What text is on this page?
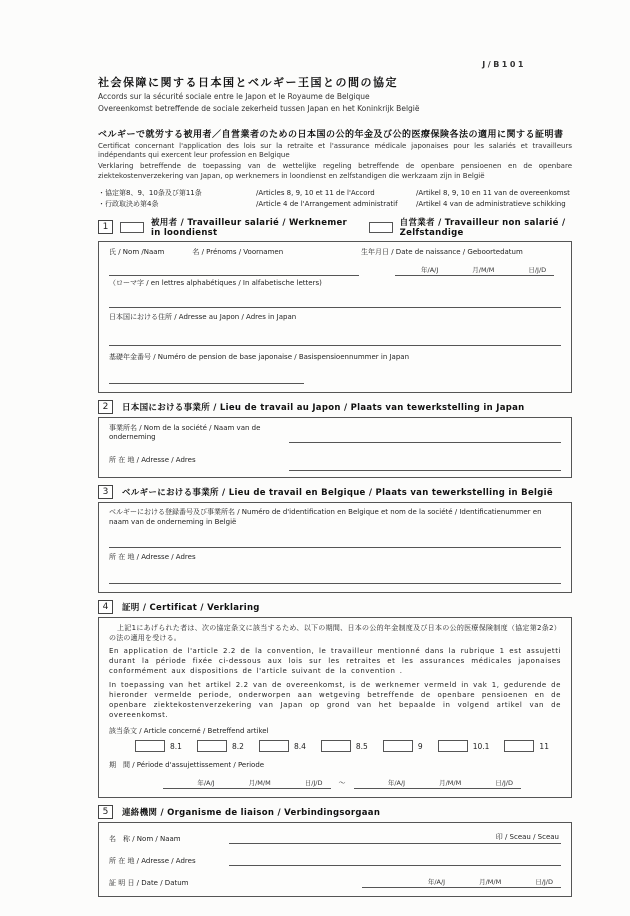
J/B101
社会保障に関する日本国とベルギー王国との間の協定
Accords sur la sécurité sociale entre le Japon et le Royaume de Belgique
Overeenkomst betreffende de sociale zekerheid tussen Japan en het Koninkrijk België
ベルギーで就労する被用者／自営業者のための日本国の公的年金及び公的医療保険各法の適用に関する証明書
Certificat concernant l'application des lois sur la retraite et l'assurance médicale japonaises pour les salariés et travailleurs indépendants qui exercent leur profession en Belgique
Verklaring betreffende de toepassing van de wettelijke regeling betreffende de openbare pensioenen en de openbare ziektekostenverzekering van Japan, op werknemers in loondienst en zelfstandigen die werkzaam zijn in België
・協定第8、9、10条及び第11条	/Articles 8, 9, 10 et 11 de l'Accord	/Artikel 8, 9, 10 en 11 van de overeenkomst
・行政取決め第4条	/Article 4 de l'Arrangement administratif	/Artikel 4 van de administratieve schikking
1	被用者 / Travailleur salarié / Werknemer in loondienst
自営業者 / Travailleur non salarié / Zelfstandige
氏 / Nom /Naam	名 / Prénoms / Voornamen	生年月日 / Date de naissance / Geboortedatum
年/A/J	月/M/M	日/J/D
（ローマ字 / en lettres alphabétiques / In alfabetische letters)
日本国における住所 / Adresse au Japon / Adres in Japan
基礎年金番号 / Numéro de pension de base japonaise / Basispensioennummer in Japan
2	日本国における事業所 / Lieu de travail au Japon / Plaats van tewerkstelling in Japan
事業所名 / Nom de la société / Naam van de onderneming
所 在 地 / Adresse / Adres
3	ベルギーにおける事業所 / Lieu de travail en Belgique / Plaats van tewerkstelling in België
ベルギーにおける登録番号及び事業所名 / Numéro de d'identification en Belgique et nom de la société / Identificatienummer en naam van de onderneming in België
所 在 地 / Adresse / Adres
4	証明 / Certificat / Verklaring

上記1にあげられた者は、次の協定条文に該当するため、以下の期間、日本の公的年金制度及び日本の公的医療保険制度（協定第2条2）の法の適用を受ける。

En application de l'article 2.2 de la convention, le travailleur mentionné dans la rubrique 1 est assujetti durant la période fixée ci-dessous aux lois sur les retraites et les assurances médicales japonaises conformément aux dispositions de l'article suivant de la convention .

In toepassing van het artikel 2.2 van de overeenkomst, is de werknemer vermeld in vak 1, gedurende de hieronder vermelde periode, onderworpen aan wetgeving betreffende de openbare pensioenen en de openbare ziektekostenverzekering van Japan op grond van het bepaalde in volgend artikel van de overeenkomst.

該当条文 / Article concerné / Betreffend artikel
8.1	8.2	8.4	8.5	9	10.1	11
期　間 / Période d'assujettissement / Periode
年/A/J	月/M/M	日/J/D	～	年/A/J	月/M/M	日/J/D
5	連絡機関 / Organisme de liaison / Verbindingsorgaan
名　称 / Nom / Naam	印 / Sceau / Sceau
所 在 地 / Adresse / Adres
証 明 日 / Date / Datum	年/A/J	月/M/M	日/J/D
